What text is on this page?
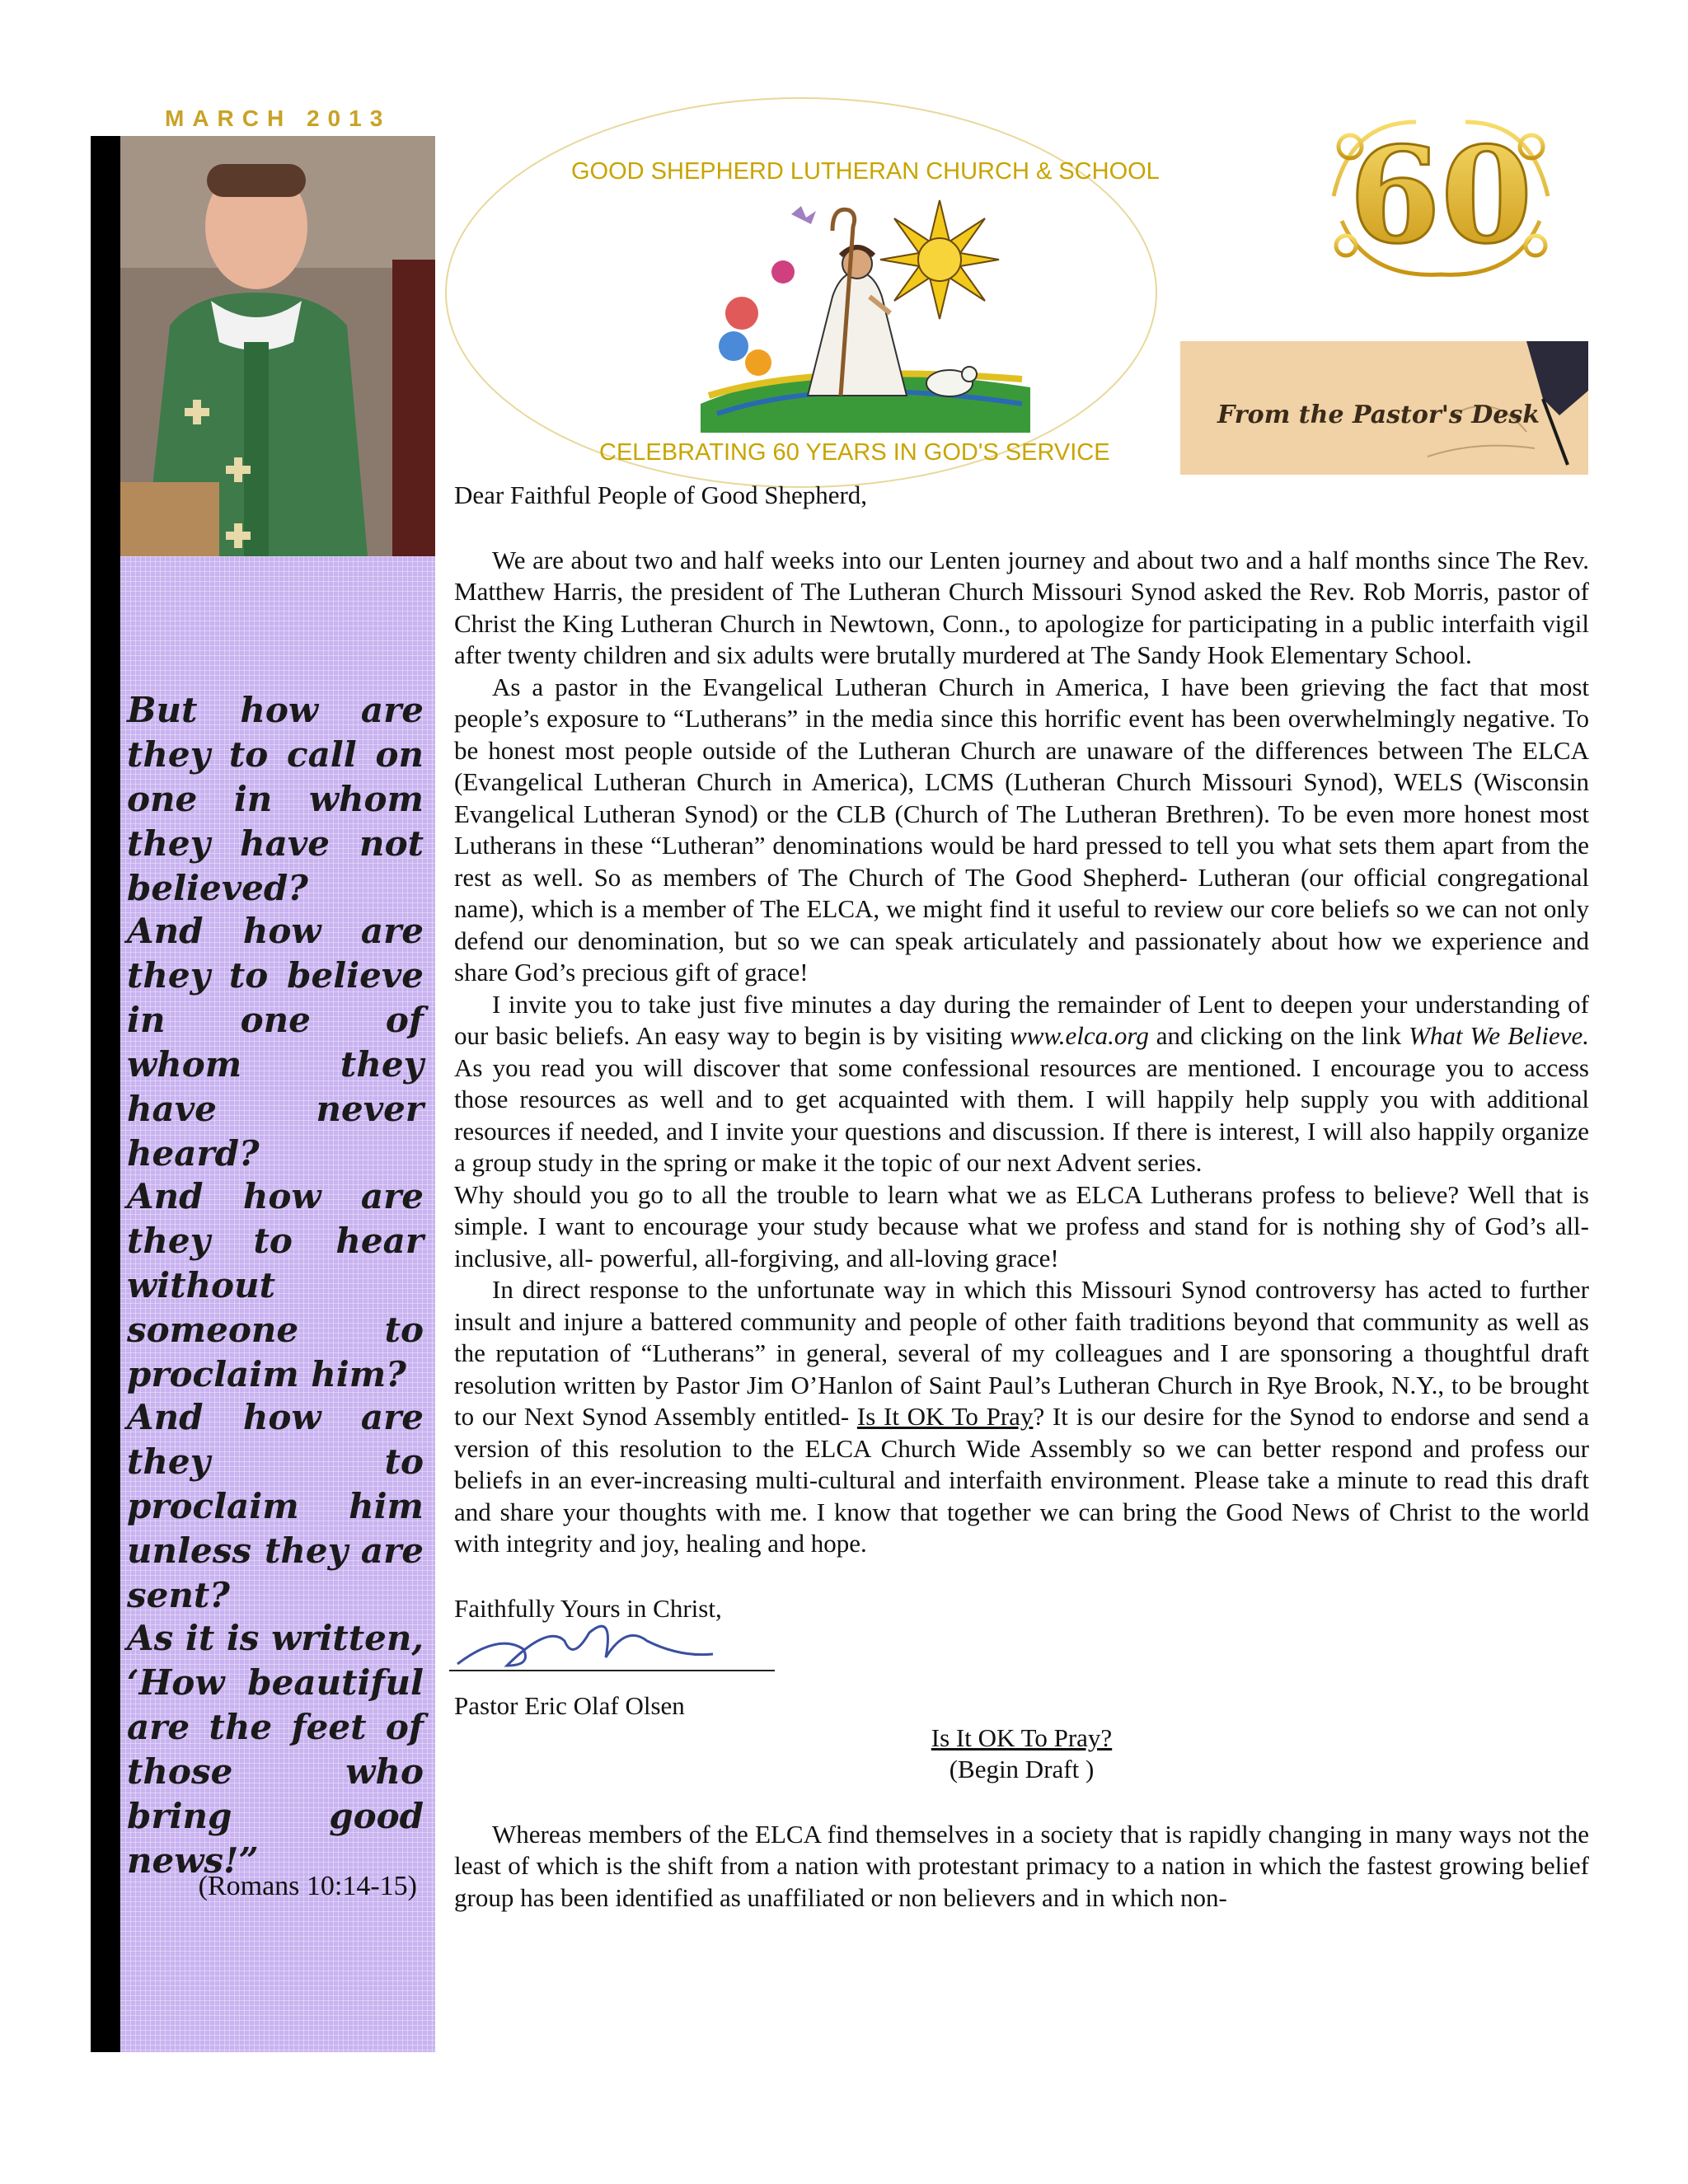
MARCH 2013
But how are they to call on one in whom they have not believed?
And how are they to believe in one of whom they have never heard?
And how are they to hear without someone to proclaim him?
And how are they to proclaim him unless they are sent?
As it is written, ‘How beautiful are the feet of those who bring good news!”
(Romans 10:14-15)
GOOD SHEPHERD LUTHERAN CHURCH & SCHOOL
CELEBRATING 60 YEARS IN GOD'S SERVICE
60
From the Pastor's Desk

Dear Faithful People of Good Shepherd,

We are about two and half weeks into our Lenten journey and about two and a half months since The Rev. Matthew Harris, the president of The Lutheran Church Missouri Synod asked the Rev. Rob Morris, pastor of Christ the King Lutheran Church in Newtown, Conn., to apologize for participating in a public interfaith vigil after twenty children and six adults were brutally murdered at The Sandy Hook Elementary School.

As a pastor in the Evangelical Lutheran Church in America, I have been grieving the fact that most people’s exposure to “Lutherans” in the media since this horrific event has been overwhelmingly negative. To be honest most people outside of the Lutheran Church are unaware of the differences between The ELCA (Evangelical Lutheran Church in America), LCMS (Lutheran Church Missouri Synod), WELS (Wisconsin Evangelical Lutheran Synod) or the CLB (Church of The Lutheran Brethren). To be even more honest most Lutherans in these “Lutheran” denominations would be hard pressed to tell you what sets them apart from the rest as well. So as members of The Church of The Good Shepherd- Lutheran (our official congregational name), which is a member of The ELCA, we might find it useful to review our core beliefs so we can not only defend our denomination, but so we can speak articulately and passionately about how we experience and share God’s precious gift of grace!

I invite you to take just five minutes a day during the remainder of Lent to deepen your understanding of our basic beliefs. An easy way to begin is by visiting www.elca.org and clicking on the link What We Believe. As you read you will discover that some confessional resources are mentioned. I encourage you to access those resources as well and to get acquainted with them. I will happily help supply you with additional resources if needed, and I invite your questions and discussion. If there is interest, I will also happily organize a group study in the spring or make it the topic of our next Advent series.

Why should you go to all the trouble to learn what we as ELCA Lutherans profess to believe? Well that is simple. I want to encourage your study because what we profess and stand for is nothing shy of God’s all-inclusive, all- powerful, all-forgiving, and all-loving grace!

In direct response to the unfortunate way in which this Missouri Synod controversy has acted to further insult and injure a battered community and people of other faith traditions beyond that community as well as the reputation of “Lutherans” in general, several of my colleagues and I are sponsoring a thoughtful draft resolution written by Pastor Jim O’Hanlon of Saint Paul’s Lutheran Church in Rye Brook, N.Y., to be brought to our Next Synod Assembly entitled- Is It OK To Pray? It is our desire for the Synod to endorse and send a version of this resolution to the ELCA Church Wide Assembly so we can better respond and profess our beliefs in an ever-increasing multi-cultural and interfaith environment. Please take a minute to read this draft and share your thoughts with me. I know that together we can bring the Good News of Christ to the world with integrity and joy, healing and hope.

Faithfully Yours in Christ,

Pastor Eric Olaf Olsen

Is It OK To Pray?

(Begin Draft )

Whereas members of the ELCA find themselves in a society that is rapidly changing in many ways not the least of which is the shift from a nation with protestant primacy to a nation in which the fastest growing belief group has been identified as unaffiliated or non believers and in which non-
